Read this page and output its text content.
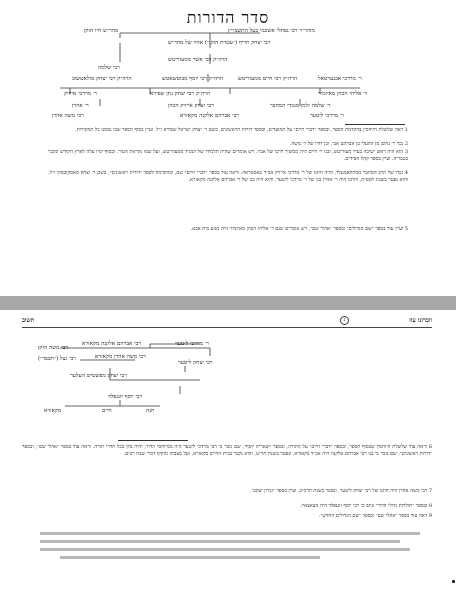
סדר הדורות
מוהר״ר רבי נפתלי אשכנזי בעל התשבי״ץ
מהר״ש חיו הזקן
רבי יצחק חריף (״עטרת הזקן״) אחיו של מהר״ש
רבי שלמה
הרה״ק רבי אשר ממעזריטש
ר׳ מרדכי אבנערטאל
הרה״ק רבי חיים ממעזריטש
הרה״ק רבי יוסף מבוטשאטש
הרה״ק רבי יצחק מזלאטשוב
ר׳ אליהו הכהן מאיזמיר
הרה״ק רבי יצחק נתן שפירא
ר׳ מרדכי אייזיק
ר׳ שלמה זלמן מנכדי המחבר
רבי יצחק אייזיק הכהן
ר׳ אהרן
ר׳ מרדכי ליטער
רבי אברהם אלקנה מקאזרא
רבי משה אהרן
1 ראה שלשלת היוחסין בהקדמת הספר, ובספר ״דברי חיים״ על המועדים, ובספר דורות הראשונים, בשם ר׳ יצחק ישראל שפירא ז״ל. ועיין בסוף הספר שבו נסמנו כל המקורות.
2 נכד ר׳ נחום מן ההעלי בן אברהם אבי, ובן דודו של ר׳ משה.
3 הוא היה ראש ישיבה בעיר מעזריטש, ובנו ר׳ חיים היה ממשיך דרכו של אביו. ויש אומרים שהיה תלמידו של המגיד ממעזריטש, ועל שמו נקראת העיר. ובסוף ימיו עלה לארץ הקודש ונקבר בטבריה. ועיין בספר קהל חסידים.
4 נכדו של הרב המחבר ממחוזאמעלד, והיה חתנו של ר׳ מרדכי אייזיק אב״ד באסטראה. וראה עוד בספר ״דברי חיים״ שם, ובהקדמה לספר ״דורות ראשונים״, בשם ר׳ יצחק מאסקובסקי ז״ל. והוא נפטר בשנת תקפ״ח, וחתנו היה ר׳ אהרן בנו של ר׳ מרדכי ליטער, והוא היה בנו של ר׳ אברהם אלקנה מקאזרא.
5 ועיין עוד בספר ״שם הגדולים״ ובספר ״אהלי שם״, ויש אומרים שגם ר׳ אליהו הכהן מאיזמיר היה מגזע בית אבא.
תשוב	ג	וזכרונו עוז
ר׳ מרדכי ליטער
רבי אברהם אלקנה מקאזרא
רבי משה הזקן
רבי משה אהרן מקאזרא
רבי יצחק ליטער
רבי גצל (״תכבד״)
רבי יצחק מפשטיש העלער
רבי יוסף זוננפלד
מקאזרא	חיים	חנה
6 וראה עוד שלשלת היוחסין שבסוף הספר, ובספר ״דברי חיים״ על התורה, ובספר ״שארית יוסף״, שם נזכר כי רבי מרדכי ליטער היה ממיוחסי הדור, והיה בקי בכל חדרי תורה. וראה עוד בספר ״אהלי שם״, ובספר ״דורות ראשונים״, שם נזכר כי בנו רבי אברהם אלקנה היה אב״ד בקאזרא, ונפטר בשנת תר״ט, והוא נקבר בבית החיים בקאזרא, ועל מצבתו נחקקו דברי שבח רבים.
7 רבי משה אהרן היה חתנו של רבי יצחק ליטער, ונפטר בשנת תרכ״ב, ועיין בספר ״זכרון יעקב״.
8 ובספר ״תולדות גדולי הדור״ כתב כי רבי יוסף זוננפלד היה מצאצאיו.
9 ראה עוד בספר ״אהלי שם״ ובספר ״שם הגדולים החדש״.
